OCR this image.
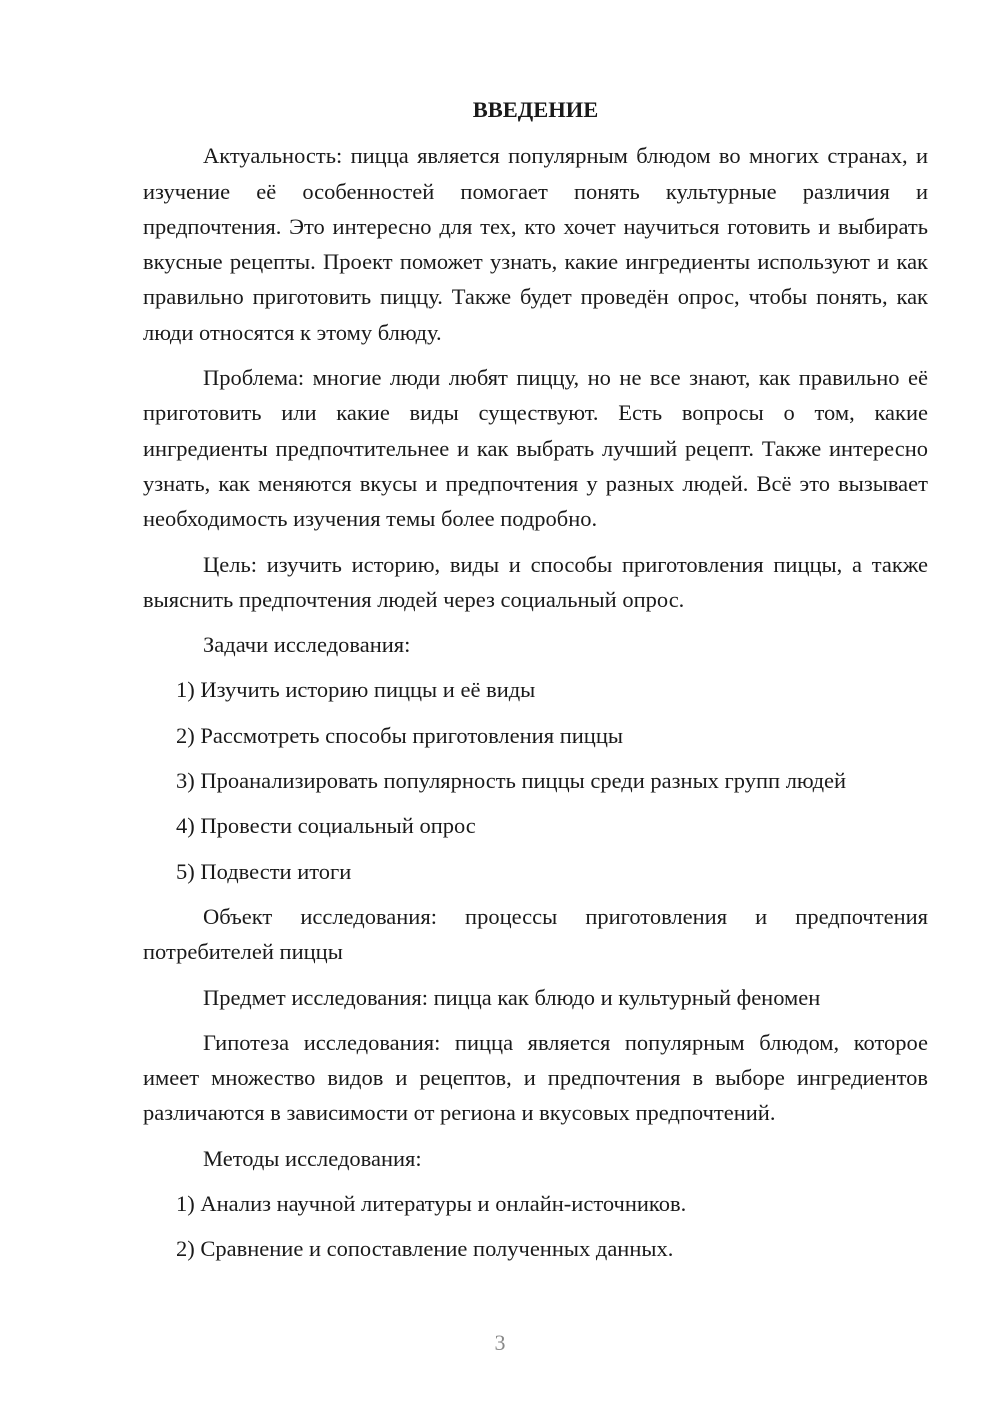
ВВЕДЕНИЕ

Актуальность: пицца является популярным блюдом во многих странах, и изучение её особенностей помогает понять культурные различия и предпочтения. Это интересно для тех, кто хочет научиться готовить и выбирать вкусные рецепты. Проект поможет узнать, какие ингредиенты используют и как правильно приготовить пиццу. Также будет проведён опрос, чтобы понять, как люди относятся к этому блюду.

Проблема: многие люди любят пиццу, но не все знают, как правильно её приготовить или какие виды существуют. Есть вопросы о том, какие ингредиенты предпочтительнее и как выбрать лучший рецепт. Также интересно узнать, как меняются вкусы и предпочтения у разных людей. Всё это вызывает необходимость изучения темы более подробно.

Цель: изучить историю, виды и способы приготовления пиццы, а также выяснить предпочтения людей через социальный опрос.

Задачи исследования:

1) Изучить историю пиццы и её виды

2) Рассмотреть способы приготовления пиццы

3) Проанализировать популярность пиццы среди разных групп людей

4) Провести социальный опрос

5) Подвести итоги

Объект исследования: процессы приготовления и предпочтения потребителей пиццы

Предмет исследования: пицца как блюдо и культурный феномен

Гипотеза исследования: пицца является популярным блюдом, которое имеет множество видов и рецептов, и предпочтения в выборе ингредиентов различаются в зависимости от региона и вкусовых предпочтений.

Методы исследования:

1) Анализ научной литературы и онлайн-источников.

2) Сравнение и сопоставление полученных данных.

3
